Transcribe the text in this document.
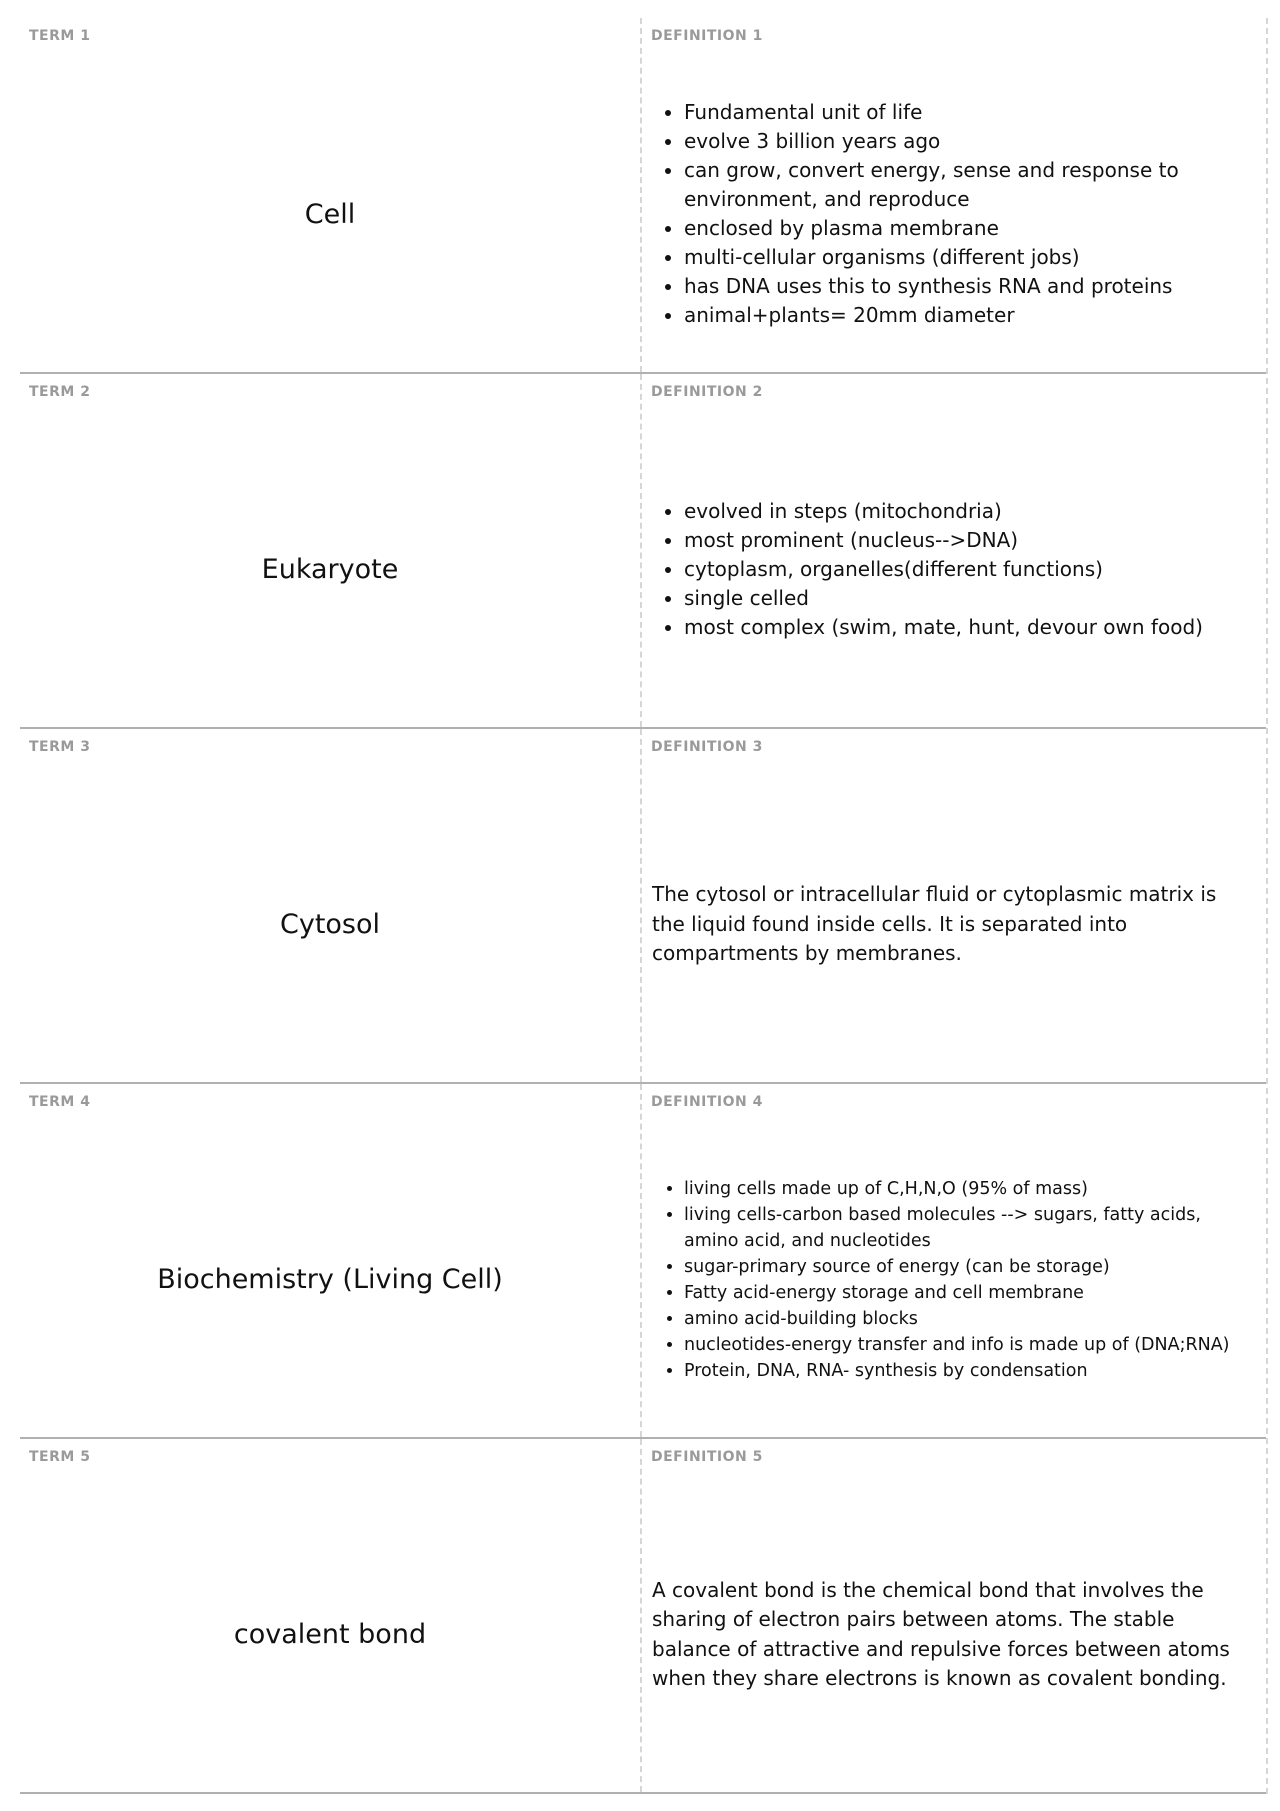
TERM 1
Cell
DEFINITION 1
• Fundamental unit of life
• evolve 3 billion years ago
• can grow, convert energy, sense and response to environment, and reproduce
• enclosed by plasma membrane
• multi-cellular organisms (different jobs)
• has DNA uses this to synthesis RNA and proteins
• animal+plants= 20mm diameter
TERM 2
Eukaryote
DEFINITION 2
• evolved in steps (mitochondria)
• most prominent (nucleus-->DNA)
• cytoplasm, organelles(different functions)
• single celled
• most complex (swim, mate, hunt, devour own food)
TERM 3
Cytosol
DEFINITION 3

The cytosol or intracellular fluid or cytoplasmic matrix is the liquid found inside cells. It is separated into compartments by membranes.

TERM 4
Biochemistry (Living Cell)
DEFINITION 4
• living cells made up of C,H,N,O (95% of mass)
• living cells-carbon based molecules --> sugars, fatty acids, amino acid, and nucleotides
• sugar-primary source of energy (can be storage)
• Fatty acid-energy storage and cell membrane
• amino acid-building blocks
• nucleotides-energy transfer and info is made up of (DNA;RNA)
• Protein, DNA, RNA- synthesis by condensation
TERM 5
covalent bond
DEFINITION 5

A covalent bond is the chemical bond that involves the sharing of electron pairs between atoms. The stable balance of attractive and repulsive forces between atoms when they share electrons is known as covalent bonding.
